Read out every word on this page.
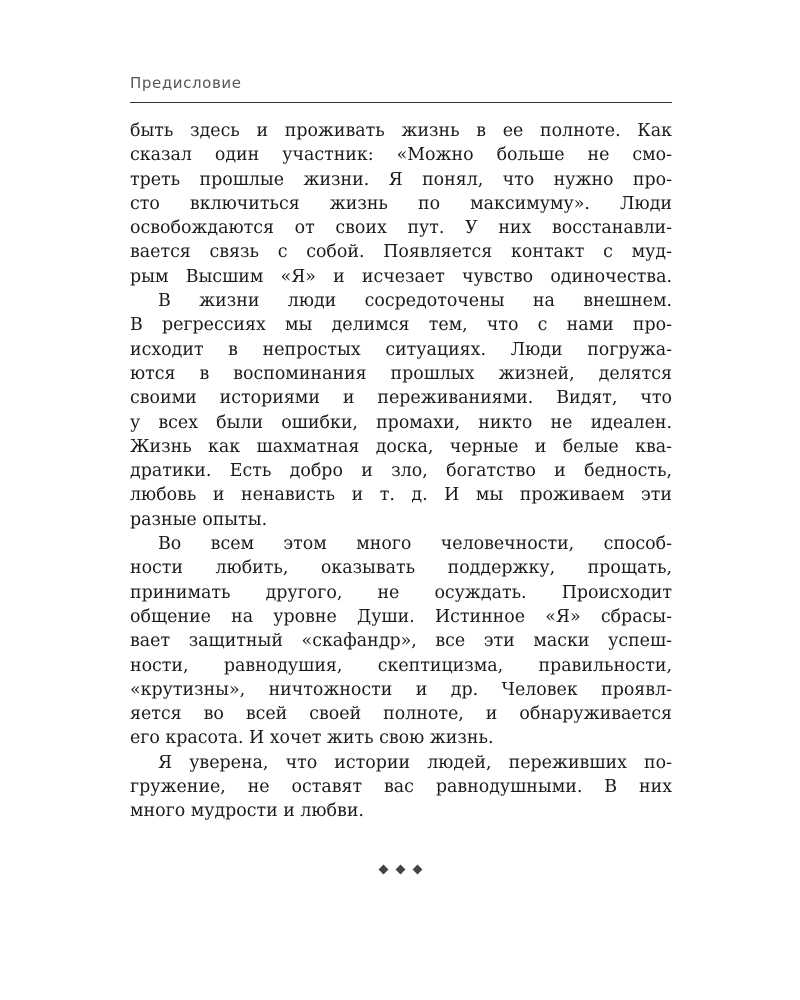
Предисловие
быть здесь и проживать жизнь в ее полноте. Как
сказал один участник: «Можно больше не смо-
треть прошлые жизни. Я понял, что нужно про-
сто включиться жизнь по максимуму». Люди
освобождаются от своих пут. У них восстанавли-
вается связь с собой. Появляется контакт с муд-
рым Высшим «Я» и исчезает чувство одиночества.
В жизни люди сосредоточены на внешнем.
В регрессиях мы делимся тем, что с нами про-
исходит в непростых ситуациях. Люди погружа-
ются в воспоминания прошлых жизней, делятся
своими историями и переживаниями. Видят, что
у всех были ошибки, промахи, никто не идеален.
Жизнь как шахматная доска, черные и белые ква-
дратики. Есть добро и зло, богатство и бедность,
любовь и ненависть и т. д. И мы проживаем эти
разные опыты.
Во всем этом много человечности, способ-
ности любить, оказывать поддержку, прощать,
принимать другого, не осуждать. Происходит
общение на уровне Души. Истинное «Я» сбрасы-
вает защитный «скафандр», все эти маски успеш-
ности, равнодушия, скептицизма, правильности,
«крутизны», ничтожности и др. Человек проявл-
яется во всей своей полноте, и обнаруживается
его красота. И хочет жить свою жизнь.
Я уверена, что истории людей, переживших по-
гружение, не оставят вас равнодушными. В них
много мудрости и любви.
